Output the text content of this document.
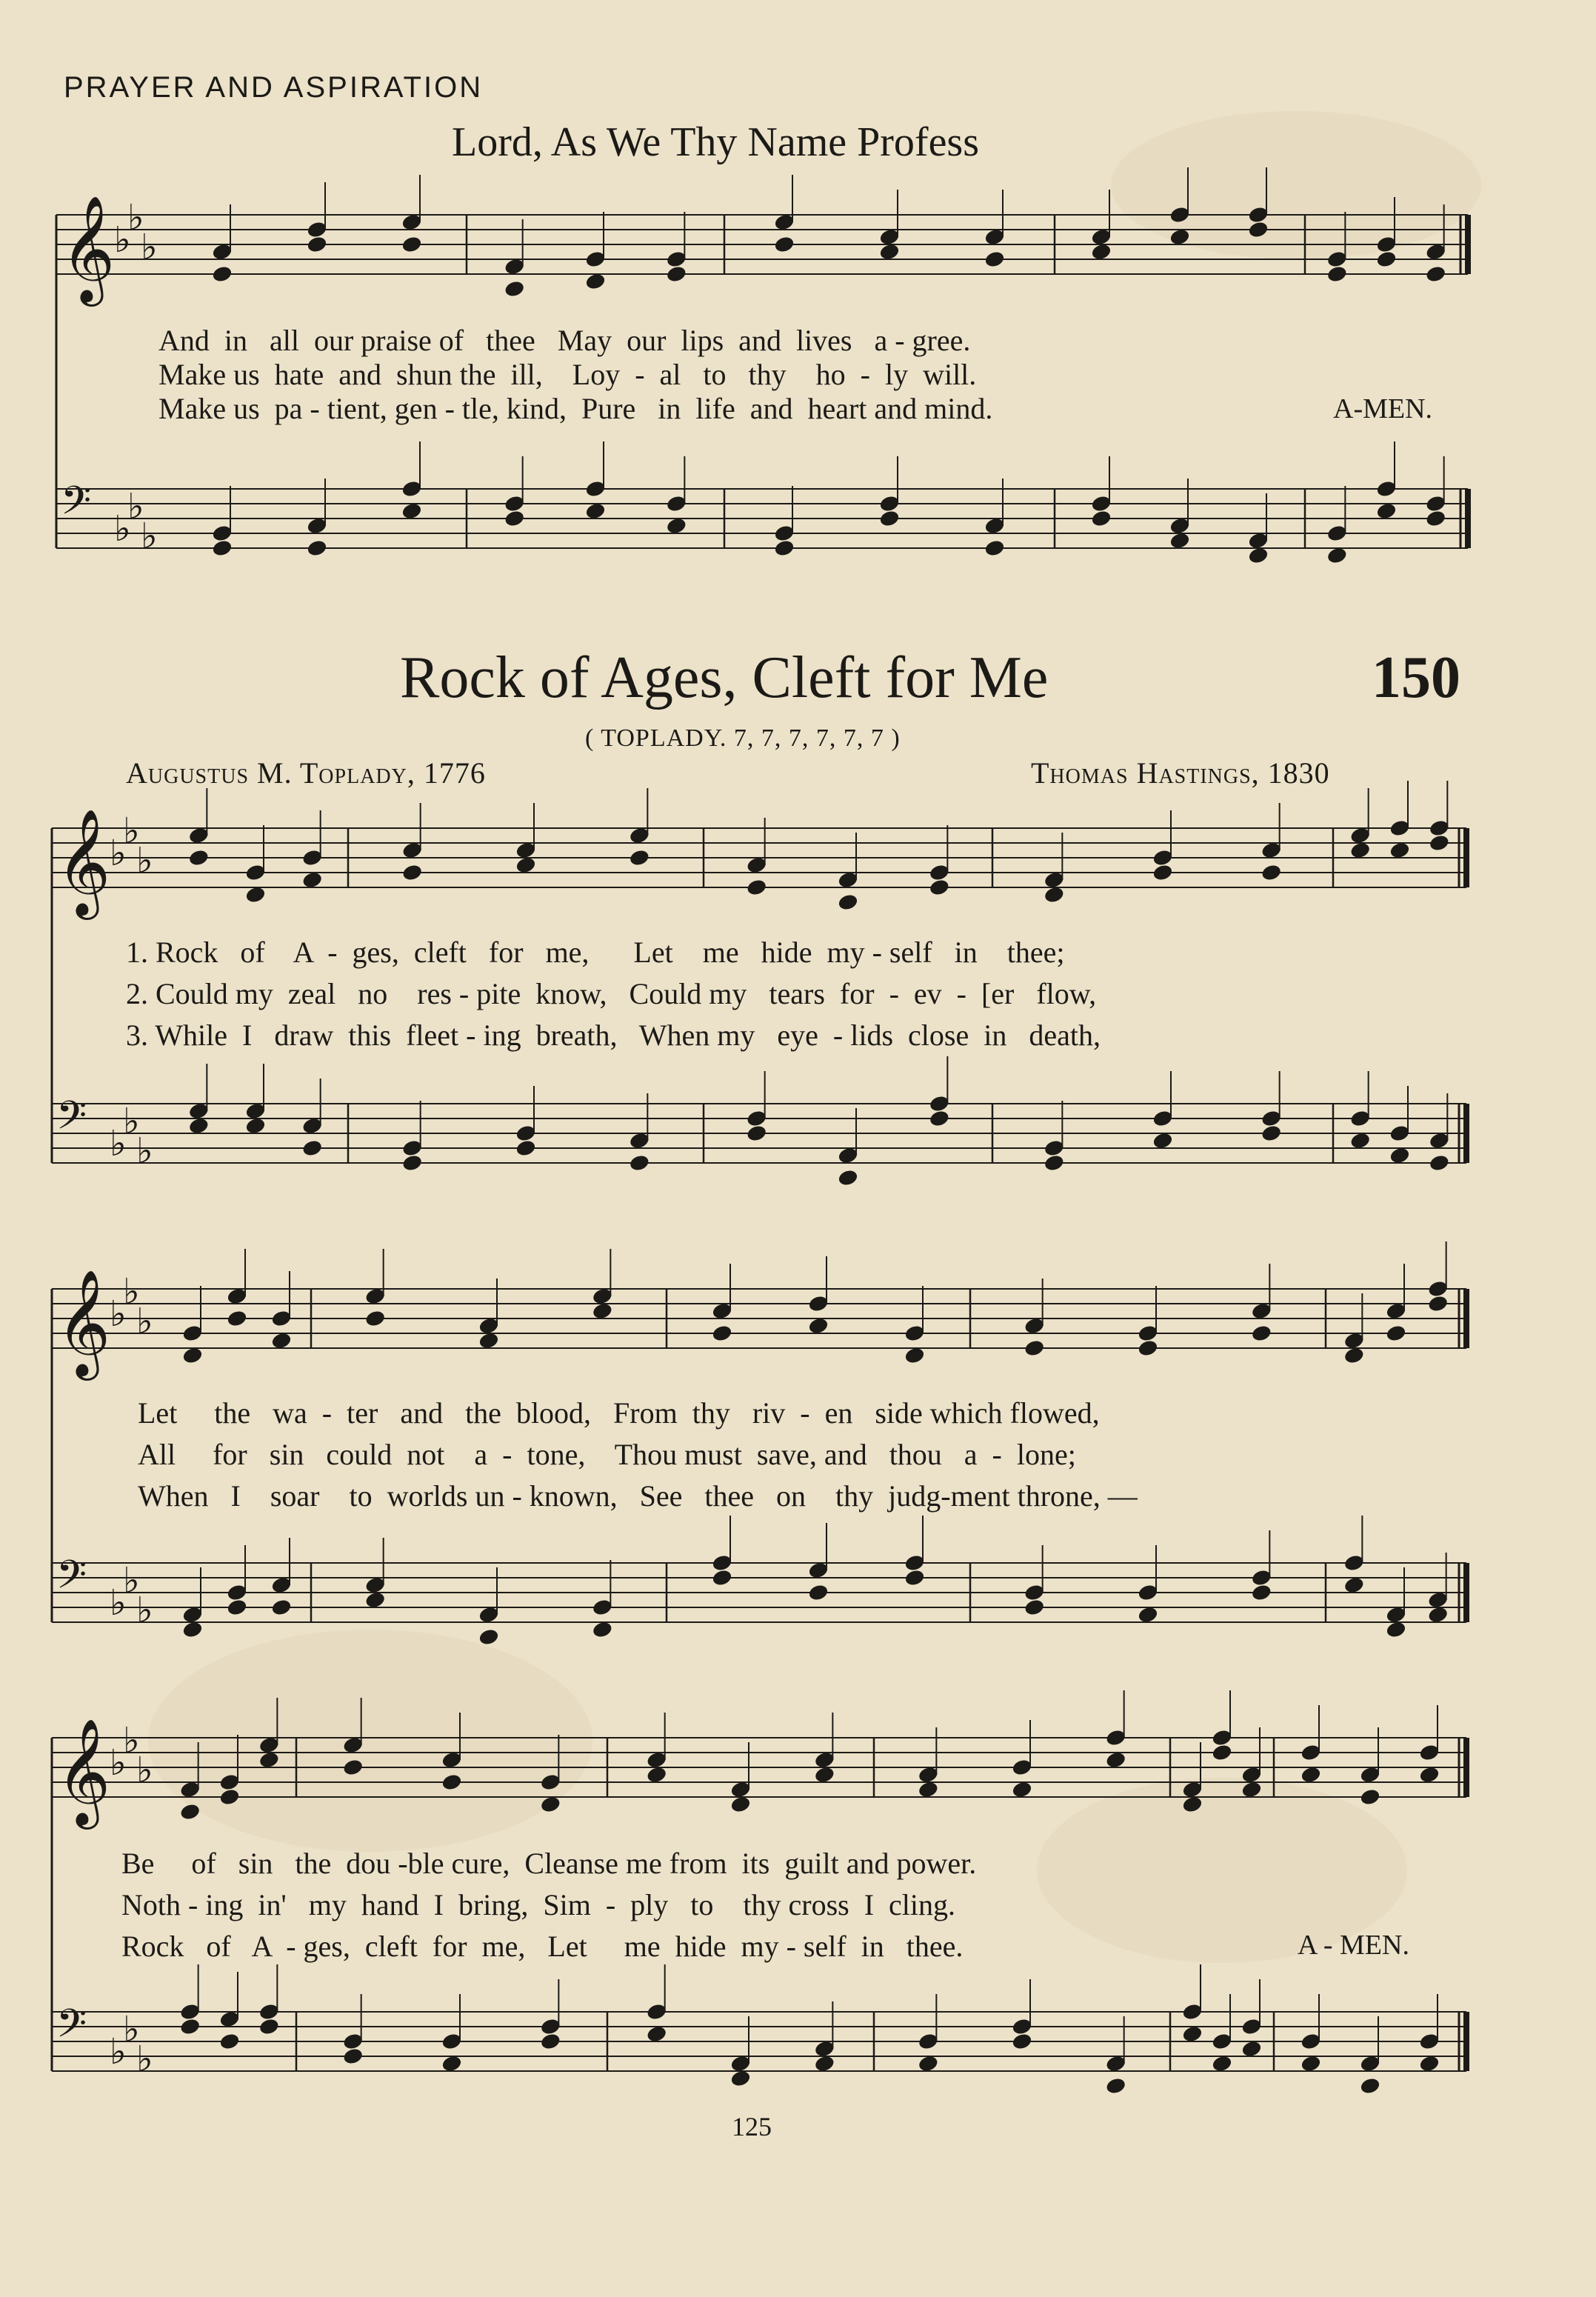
PRAYER AND ASPIRATION
Lord, As We Thy Name Profess
And  in   all  our praise of   thee   May  our  lips  and  lives   a - gree.
Make us  hate  and  shun the  ill,    Loy  -  al   to   thy    ho  -  ly  will.
Make us  pa - tient, gen - tle, kind,  Pure   in  life  and  heart and mind.	A-MEN.
Rock of Ages, Cleft for Me	150
( TOPLADY. 7, 7, 7, 7, 7, 7 )
Augustus M. Toplady, 1776	Thomas Hastings, 1830
1. Rock   of    A  -  ges,  cleft   for   me,      Let    me   hide  my - self   in    thee;
2. Could my  zeal   no    res - pite  know,   Could my   tears  for  -  ev  -  [er   flow,
3. While  I   draw  this  fleet - ing  breath,   When my   eye  - lids  close  in   death,
Let     the   wa  -  ter   and   the  blood,   From  thy   riv  -  en   side which flowed,
All     for   sin   could  not    a  -  tone,    Thou must  save, and   thou   a  -  lone;
When   I    soar    to  worlds un - known,   See   thee   on    thy  judg-ment throne, —
Be     of   sin   the  dou -ble cure,  Cleanse me from  its  guilt and power.
Noth - ing  in'   my  hand  I  bring,  Sim  -  ply   to    thy cross  I  cling.
Rock   of   A  - ges,  cleft  for  me,   Let     me  hide  my - self  in   thee.	A - MEN.
125
𝄞
𝄢
♭
♭
♭
♭
♭
♭
𝄞
𝄢
♭
♭
♭
♭
♭
♭
𝄞
𝄢
♭
♭
♭
♭
♭
♭
𝄞
𝄢
♭
♭
♭
♭
♭
♭
